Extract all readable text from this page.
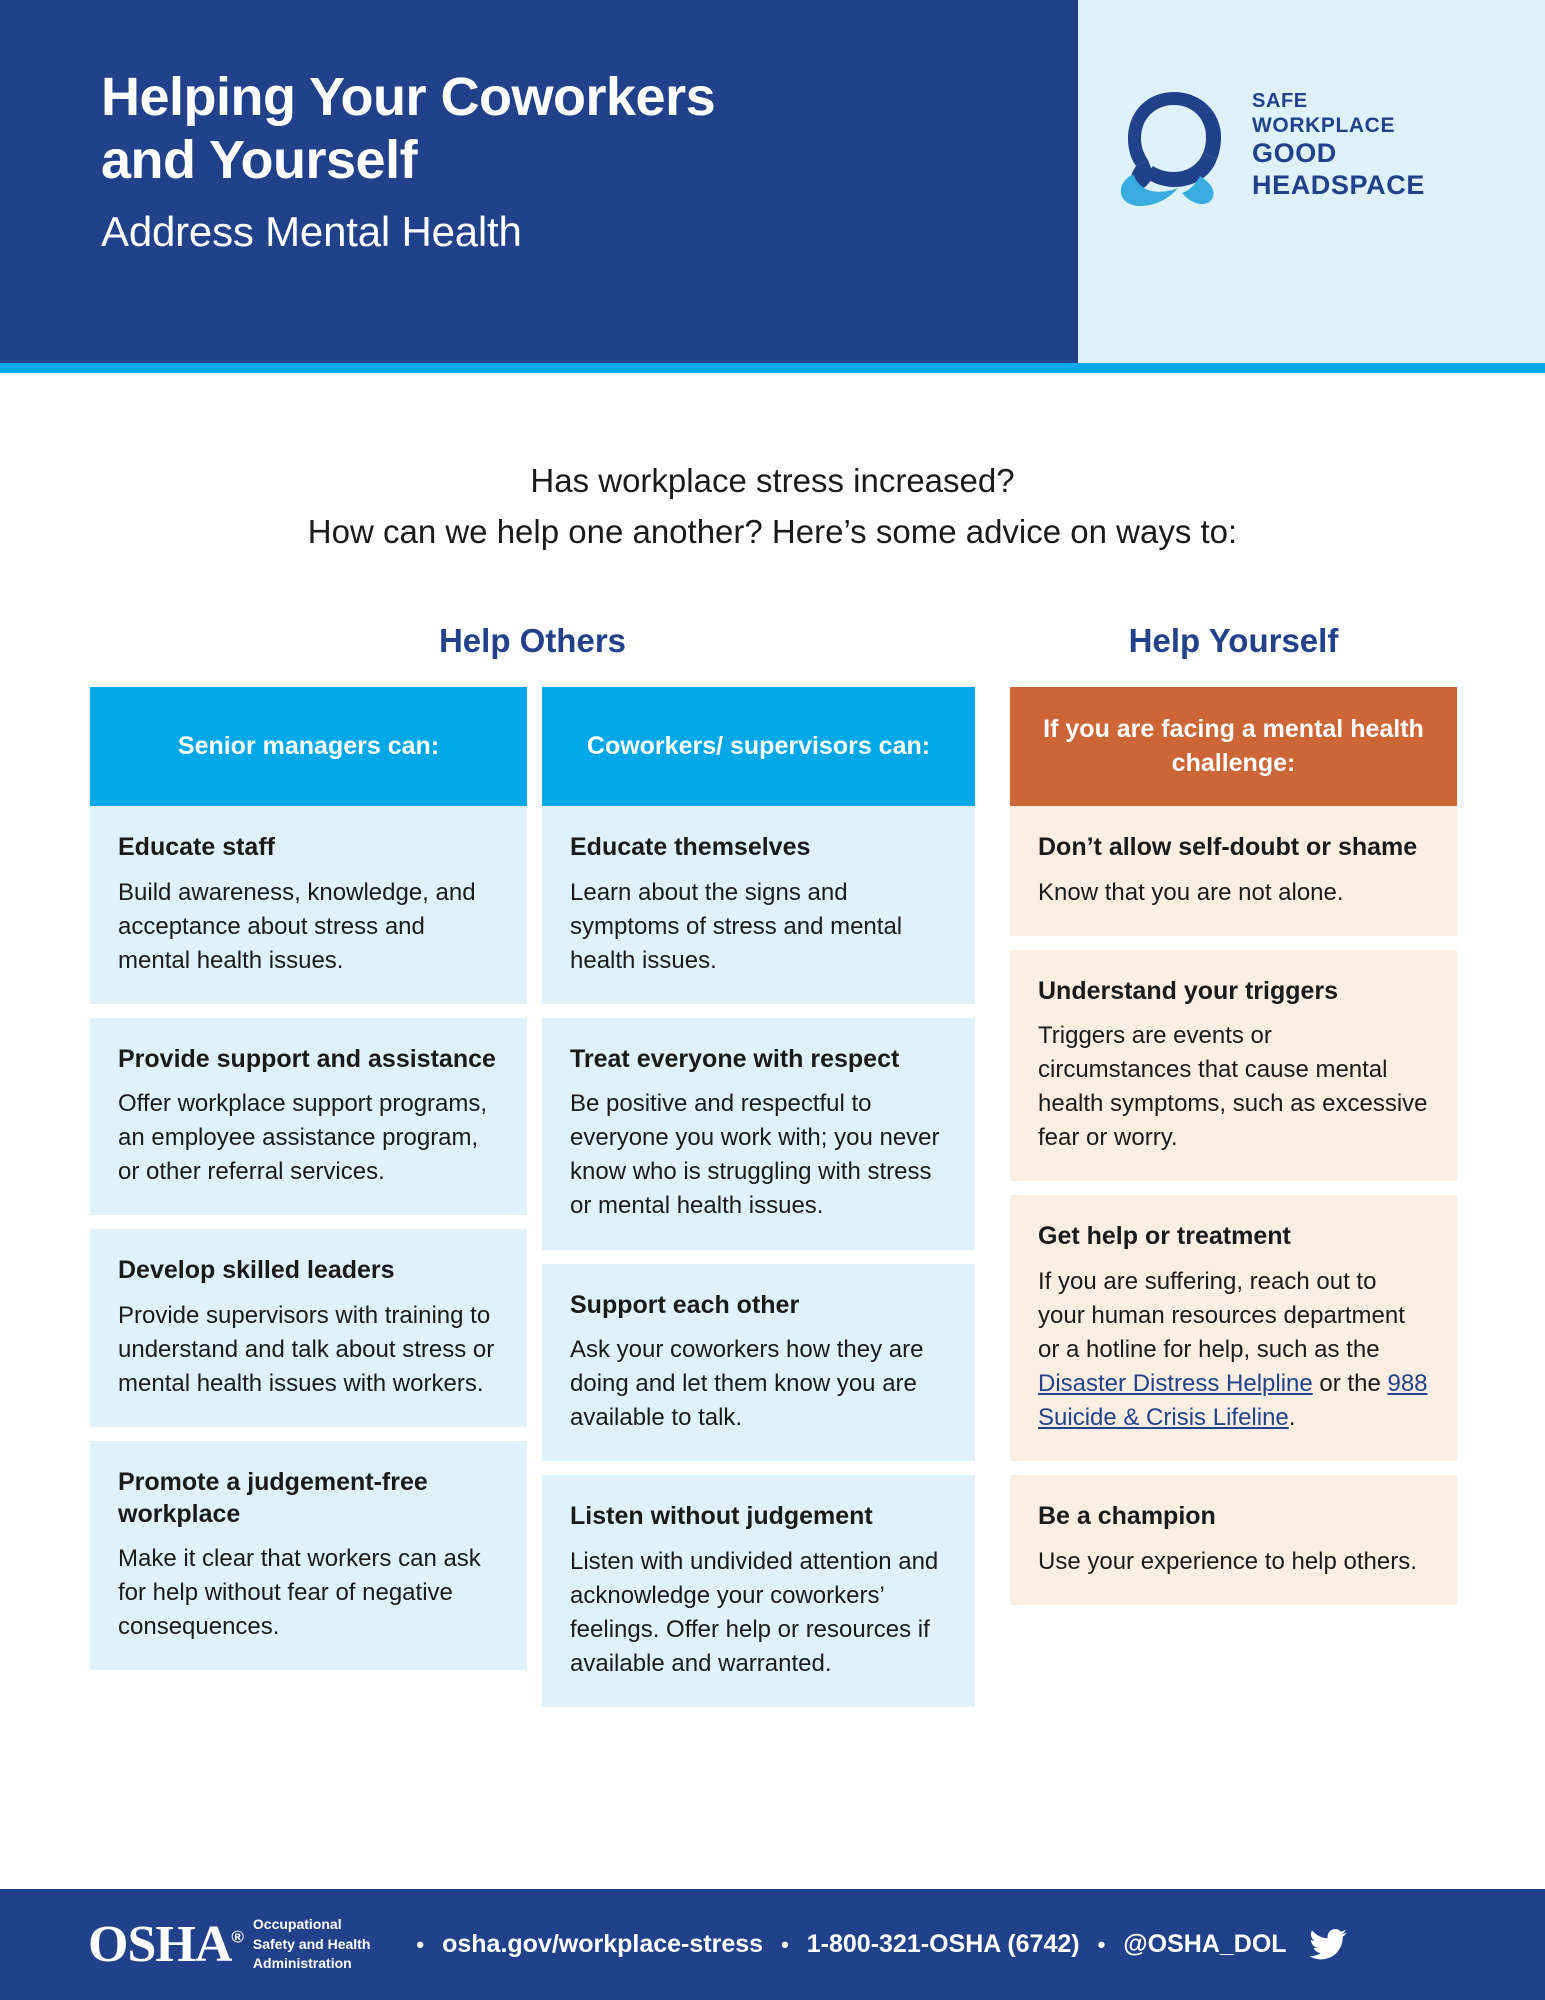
Helping Your Coworkers
and Yourself
Address Mental Health
SAFE
WORKPLACE
GOOD
HEADSPACE
Has workplace stress increased?
How can we help one another? Here’s some advice on ways to:
Help Others	Help Yourself
Senior managers can:
Educate staff
Build awareness, knowledge, and acceptance about stress and mental health issues.
Provide support and assistance
Offer workplace support programs, an employee assistance program, or other referral services.
Develop skilled leaders
Provide supervisors with training to understand and talk about stress or mental health issues with workers.
Promote a judgement-free workplace
Make it clear that workers can ask for help without fear of negative consequences.
Coworkers/ supervisors can:
Educate themselves
Learn about the signs and symptoms of stress and mental health issues.
Treat everyone with respect
Be positive and respectful to everyone you work with; you never know who is struggling with stress or mental health issues.
Support each other
Ask your coworkers how they are doing and let them know you are available to talk.
Listen without judgement
Listen with undivided attention and acknowledge your coworkers’ feelings. Offer help or resources if available and warranted.
If you are facing a mental health challenge:
Don’t allow self-doubt or shame
Know that you are not alone.
Understand your triggers
Triggers are events or circumstances that cause mental health symptoms, such as excessive fear or worry.
Get help or treatment
If you are suffering, reach out to your human resources department or a hotline for help, such as the Disaster Distress Helpline or the 988 Suicide & Crisis Lifeline.
Be a champion
Use your experience to help others.
OSHA®
Occupational
Safety and Health
Administration
• osha.gov/workplace-stress • 1-800-321-OSHA (6742) • @OSHA_DOL
